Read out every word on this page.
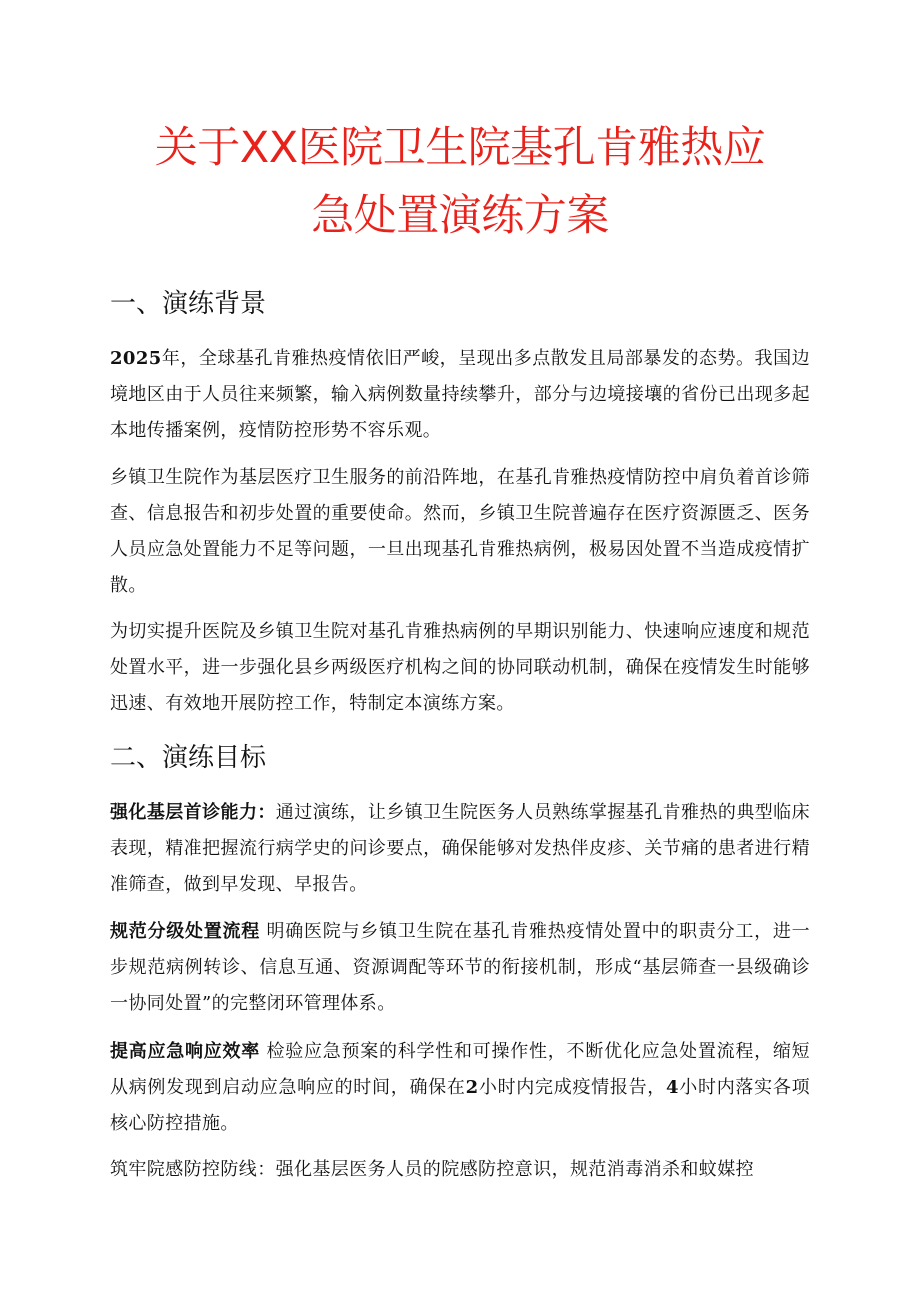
关于XX医院卫生院基孔肯雅热应
急处置演练方案
一、演练背景

2025年，全球基孔肯雅热疫情依旧严峻，呈现出多点散发且局部暴发的态势。我国边境地区由于人员往来频繁，输入病例数量持续攀升，部分与边境接壤的省份已出现多起本地传播案例，疫情防控形势不容乐观。

乡镇卫生院作为基层医疗卫生服务的前沿阵地，在基孔肯雅热疫情防控中肩负着首诊筛查、信息报告和初步处置的重要使命。然而，乡镇卫生院普遍存在医疗资源匮乏、医务人员应急处置能力不足等问题，一旦出现基孔肯雅热病例，极易因处置不当造成疫情扩散。

为切实提升医院及乡镇卫生院对基孔肯雅热病例的早期识别能力、快速响应速度和规范处置水平，进一步强化县乡两级医疗机构之间的协同联动机制，确保在疫情发生时能够迅速、有效地开展防控工作，特制定本演练方案。

二、演练目标

强化基层首诊能力：通过演练，让乡镇卫生院医务人员熟练掌握基孔肯雅热的典型临床表现，精准把握流行病学史的问诊要点，确保能够对发热伴皮疹、关节痛的患者进行精准筛查，做到早发现、早报告。

规范分级处置流程 明确医院与乡镇卫生院在基孔肯雅热疫情处置中的职责分工，进一步规范病例转诊、信息互通、资源调配等环节的衔接机制，形成“基层筛查一县级确诊一协同处置”的完整闭环管理体系。

提高应急响应效率 检验应急预案的科学性和可操作性，不断优化应急处置流程，缩短从病例发现到启动应急响应的时间，确保在2小时内完成疫情报告，4小时内落实各项核心防控措施。

筑牢院感防控防线：强化基层医务人员的院感防控意识，规范消毒消杀和蚊媒控
